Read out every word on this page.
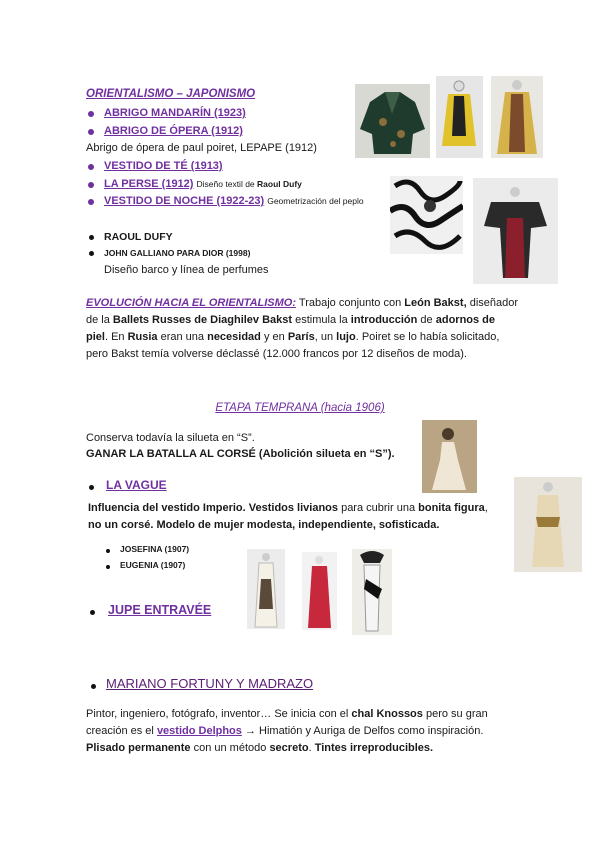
ORIENTALISMO – JAPONISMO
ABRIGO MANDARÍN (1923)
ABRIGO DE ÓPERA (1912)
Abrigo de ópera de paul poiret, LEPAPE (1912)
VESTIDO DE TÉ (1913)
LA PERSE (1912) Diseño textil de Raoul Dufy
VESTIDO DE NOCHE (1922-23) Geometrización del peplo
RAOUL DUFY
JOHN GALLIANO PARA DIOR (1998)
Diseño barco y línea de perfumes
EVOLUCIÓN HACIA EL ORIENTALISMO: Trabajo conjunto con León Bakst, diseñador
de la Ballets Russes de Diaghilev Bakst estimula la introducción de adornos de
piel. En Rusia eran una necesidad y en París, un lujo. Poiret se lo había solicitado,
pero Bakst temía volverse déclassé (12.000 francos por 12 diseños de moda).
ETAPA TEMPRANA (hacia 1906)
Conserva todavía la silueta en “S”.
GANAR LA BATALLA AL CORSÉ (Abolición silueta en “S”).
LA VAGUE
Influencia del vestido Imperio. Vestidos livianos para cubrir una bonita figura,
no un corsé. Modelo de mujer modesta, independiente, sofisticada.
JOSEFINA (1907)
EUGENIA (1907)
JUPE ENTRAVÉE
MARIANO FORTUNY Y MADRAZO
Pintor, ingeniero, fotógrafo, inventor… Se inicia con el chal Knossos pero su gran
creación es el vestido Delphos → Himatión y Auriga de Delfos como inspiración.
Plisado permanente con un método secreto. Tintes irreproducibles.
